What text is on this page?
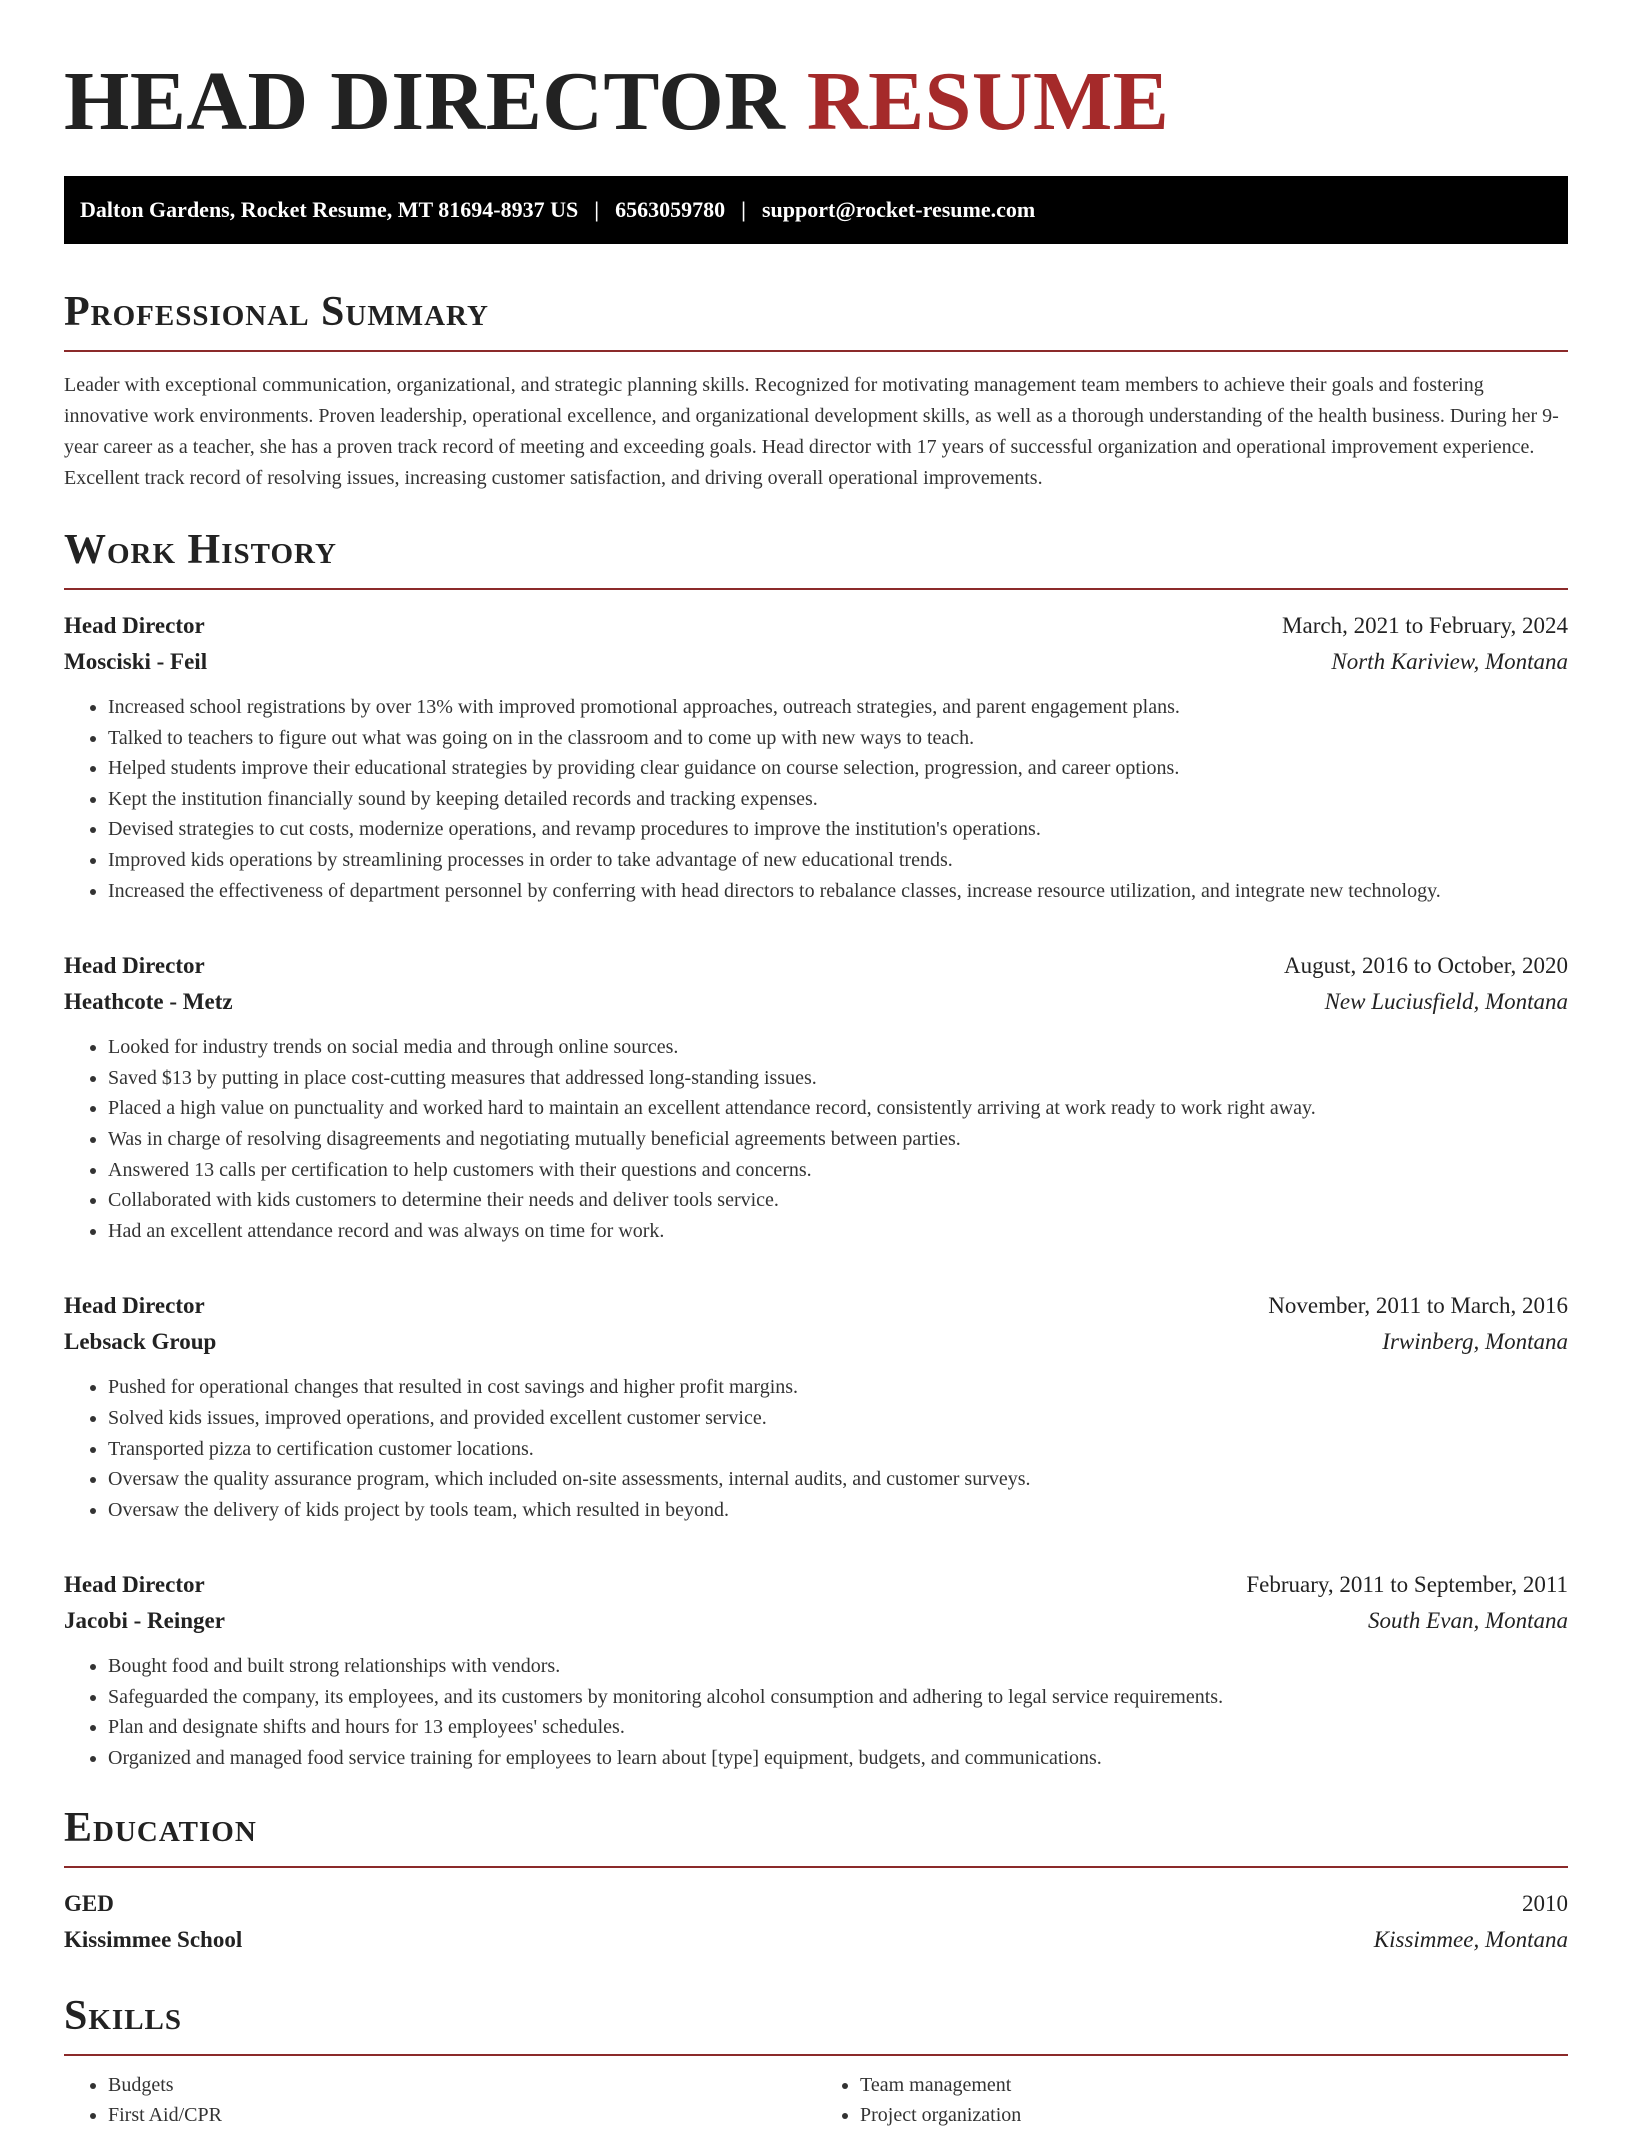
HEAD DIRECTOR RESUME
Dalton Gardens, Rocket Resume, MT 81694-8937 US | 6563059780 | support@rocket-resume.com
Professional Summary

Leader with exceptional communication, organizational, and strategic planning skills. Recognized for motivating management team members to achieve their goals and fostering innovative work environments. Proven leadership, operational excellence, and organizational development skills, as well as a thorough understanding of the health business. During her 9-year career as a teacher, she has a proven track record of meeting and exceeding goals. Head director with 17 years of successful organization and operational improvement experience. Excellent track record of resolving issues, increasing customer satisfaction, and driving overall operational improvements.

Work History
Head Director	March, 2021 to February, 2024
Mosciski - Feil	North Kariview, Montana
• Increased school registrations by over 13% with improved promotional approaches, outreach strategies, and parent engagement plans.
• Talked to teachers to figure out what was going on in the classroom and to come up with new ways to teach.
• Helped students improve their educational strategies by providing clear guidance on course selection, progression, and career options.
• Kept the institution financially sound by keeping detailed records and tracking expenses.
• Devised strategies to cut costs, modernize operations, and revamp procedures to improve the institution's operations.
• Improved kids operations by streamlining processes in order to take advantage of new educational trends.
• Increased the effectiveness of department personnel by conferring with head directors to rebalance classes, increase resource utilization, and integrate new technology.
Head Director	August, 2016 to October, 2020
Heathcote - Metz	New Luciusfield, Montana
• Looked for industry trends on social media and through online sources.
• Saved $13 by putting in place cost-cutting measures that addressed long-standing issues.
• Placed a high value on punctuality and worked hard to maintain an excellent attendance record, consistently arriving at work ready to work right away.
• Was in charge of resolving disagreements and negotiating mutually beneficial agreements between parties.
• Answered 13 calls per certification to help customers with their questions and concerns.
• Collaborated with kids customers to determine their needs and deliver tools service.
• Had an excellent attendance record and was always on time for work.
Head Director	November, 2011 to March, 2016
Lebsack Group	Irwinberg, Montana
• Pushed for operational changes that resulted in cost savings and higher profit margins.
• Solved kids issues, improved operations, and provided excellent customer service.
• Transported pizza to certification customer locations.
• Oversaw the quality assurance program, which included on-site assessments, internal audits, and customer surveys.
• Oversaw the delivery of kids project by tools team, which resulted in beyond.
Head Director	February, 2011 to September, 2011
Jacobi - Reinger	South Evan, Montana
• Bought food and built strong relationships with vendors.
• Safeguarded the company, its employees, and its customers by monitoring alcohol consumption and adhering to legal service requirements.
• Plan and designate shifts and hours for 13 employees' schedules.
• Organized and managed food service training for employees to learn about [type] equipment, budgets, and communications.
Education
GED	2010
Kissimmee School	Kissimmee, Montana
Skills
• Budgets
• First Aid/CPR
• Team management
• Project organization
